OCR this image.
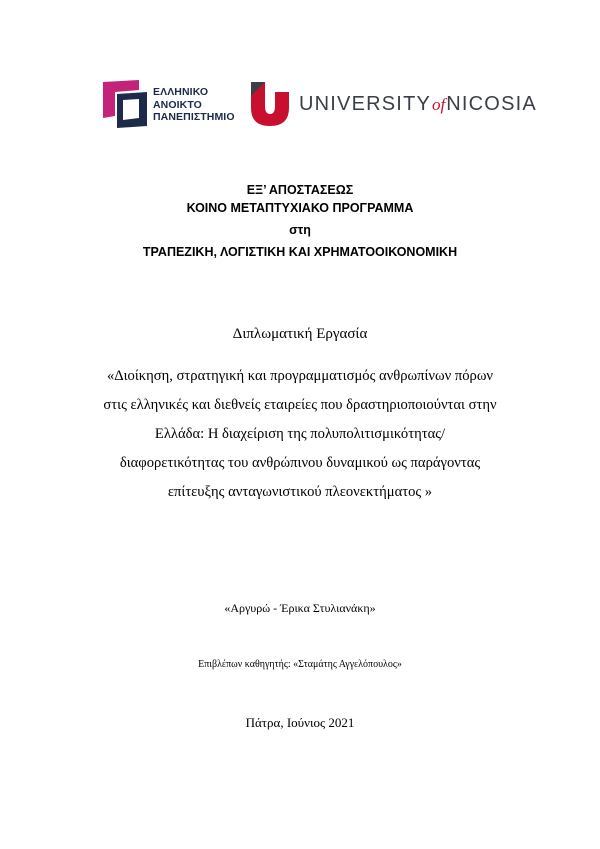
ΕΛΛΗΝΙΚΟ
ΑΝΟΙΚΤΟ
ΠΑΝΕΠΙΣΤΗΜΙΟ
UNIVERSITYofNICOSIA
ΕΞ’ ΑΠΟΣΤΑΣΕΩΣ
ΚΟΙΝΟ ΜΕΤΑΠΤΥΧΙΑΚΟ ΠΡΟΓΡΑΜΜΑ
στη
ΤΡΑΠΕΖΙΚΗ, ΛΟΓΙΣΤΙΚΗ ΚΑΙ ΧΡΗΜΑΤΟΟΙΚΟΝΟΜΙΚΗ
Διπλωματική Εργασία
«Διοίκηση, στρατηγική και προγραμματισμός ανθρωπίνων πόρων
στις ελληνικές και διεθνείς εταιρείες που δραστηριοποιούνται στην
Ελλάδα: Η διαχείριση της πολυπολιτισμικότητας/
διαφορετικότητας του ανθρώπινου δυναμικού ως παράγοντας
επίτευξης ανταγωνιστικού πλεονεκτήματος »
«Αργυρώ - Έρικα Στυλιανάκη»
Επιβλέπων καθηγητής: «Σταμάτης Αγγελόπουλος»
Πάτρα, Ιούνιος 2021
